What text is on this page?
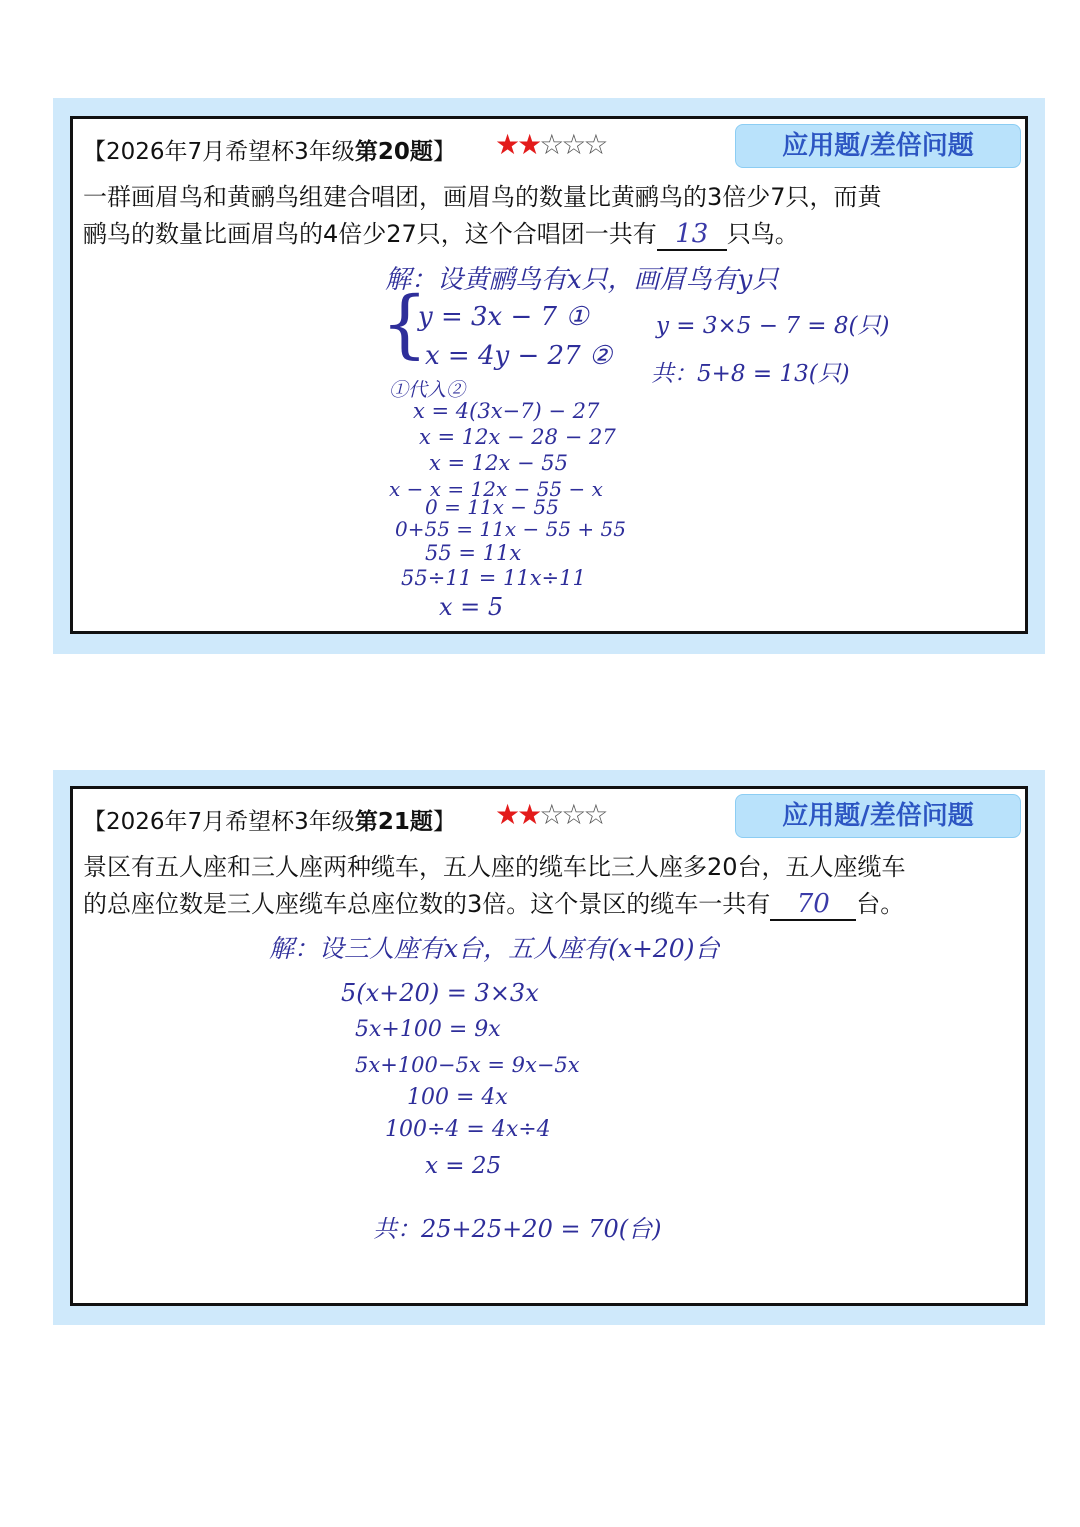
【2026年7月希望杯3年级第20题】 ★★☆☆☆	应用题/差倍问题
一群画眉鸟和黄鹂鸟组建合唱团，画眉鸟的数量比黄鹂鸟的3倍少7只，而黄
鹂鸟的数量比画眉鸟的4倍少27只，这个合唱团一共有 13 只鸟。
解：设黄鹂鸟有x只，画眉鸟有y只
{
y = 3x − 7 ①
x = 4y − 27 ②
①代入②
x = 4(3x−7) − 27
x = 12x − 28 − 27
x = 12x − 55
x − x = 12x − 55 − x
0 = 11x − 55
0+55 = 11x − 55 + 55
55 = 11x
55÷11 = 11x÷11
x = 5
y = 3×5 − 7 = 8(只)
共：5+8 = 13(只)
【2026年7月希望杯3年级第21题】 ★★☆☆☆	应用题/差倍问题
景区有五人座和三人座两种缆车，五人座的缆车比三人座多20台，五人座缆车
的总座位数是三人座缆车总座位数的3倍。这个景区的缆车一共有 70 台。
解：设三人座有x台，五人座有(x+20)台
5(x+20) = 3×3x
5x+100 = 9x
5x+100−5x = 9x−5x
100 = 4x
100÷4 = 4x÷4
x = 25
共：25+25+20 = 70(台)
